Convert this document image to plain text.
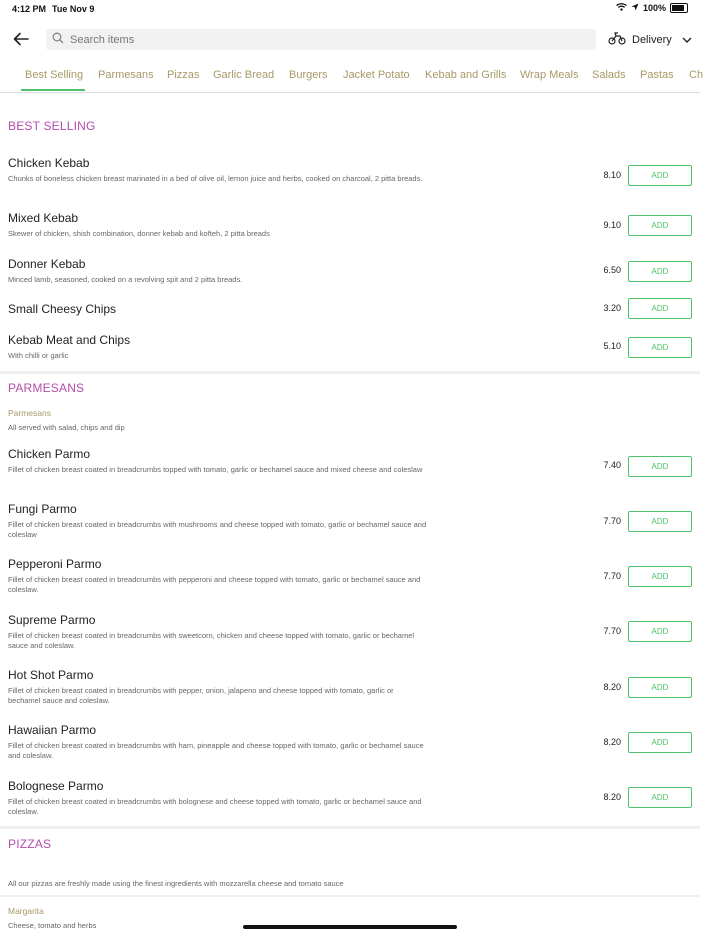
4:12 PM Tue Nov 9	100%
Search items
Delivery
Best Selling Parmesans Pizzas Garlic Bread Burgers Jacket Potato Kebab and Grills Wrap Meals Salads Pastas Ch
BEST SELLING
Chicken Kebab
Chunks of boneless chicken breast marinated in a bed of olive oil, lemon juice and herbs, cooked on charcoal, 2 pitta breads.	8.10	ADD
Mixed Kebab
Skewer of chicken, shish combination, donner kebab and kofteh, 2 pitta breads
9.10	ADD
Donner Kebab
Minced lamb, seasoned, cooked on a revolving spit and 2 pitta breads.
6.50	ADD
Small Cheesy Chips	3.20	ADD
Kebab Meat and Chips
With chilli or garlic
5.10	ADD
PARMESANS
Parmesans
All served with salad, chips and dip
Chicken Parmo
Fillet of chicken breast coated in breadcrumbs topped with tomato, garlic or bechamel sauce and mixed cheese and coleslaw	7.40	ADD
Fungi Parmo
Fillet of chicken breast coated in breadcrumbs with mushrooms and cheese topped with tomato, garlic or bechamel sauce and coleslaw
7.70	ADD
Pepperoni Parmo
Fillet of chicken breast coated in breadcrumbs with pepperoni and cheese topped with tomato, garlic or bechamel sauce and coleslaw.
7.70	ADD
Supreme Parmo
Fillet of chicken breast coated in breadcrumbs with sweetcorn, chicken and cheese topped with tomato, garlic or bechamel sauce and coleslaw.
7.70	ADD
Hot Shot Parmo
Fillet of chicken breast coated in breadcrumbs with pepper, onion, jalapeno and cheese topped with tomato, garlic or bechamel sauce and coleslaw.
8.20	ADD
Hawaiian Parmo
Fillet of chicken breast coated in breadcrumbs with ham, pineapple and cheese topped with tomato, garlic or bechamel sauce and coleslaw.
8.20	ADD
Bolognese Parmo
Fillet of chicken breast coated in breadcrumbs with bolognese and cheese topped with tomato, garlic or bechamel sauce and coleslaw.
8.20	ADD
PIZZAS
All our pizzas are freshly made using the finest ingredients with mozzarella cheese and tomato sauce
Margarita
Cheese, tomato and herbs
